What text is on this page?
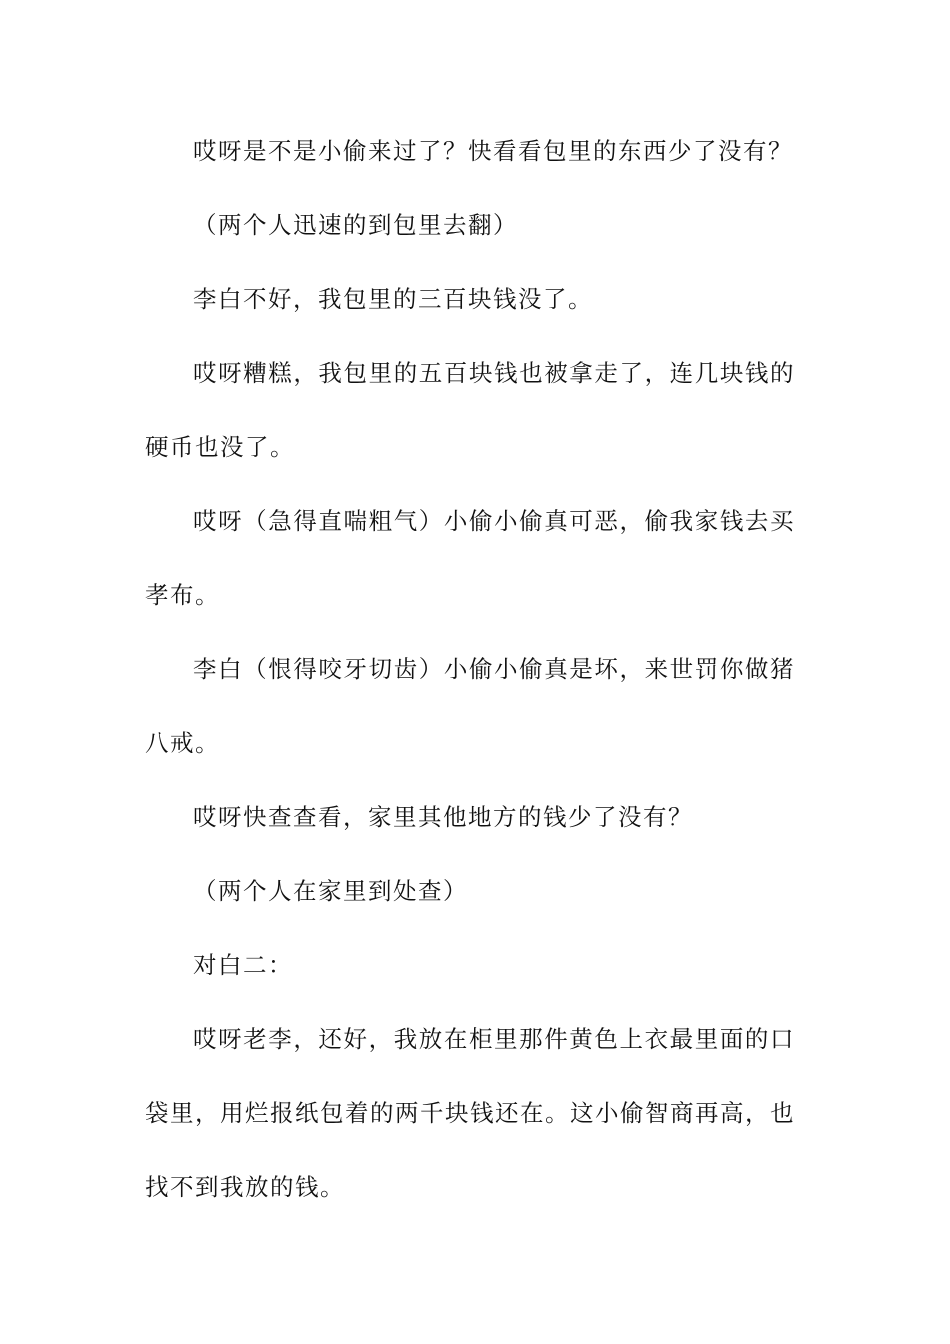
哎呀是不是小偷来过了？快看看包里的东西少了没有？

（两个人迅速的到包里去翻）

李白不好，我包里的三百块钱没了。

哎呀糟糕，我包里的五百块钱也被拿走了，连几块钱的硬币也没了。

哎呀（急得直喘粗气）小偷小偷真可恶，偷我家钱去买孝布。

李白（恨得咬牙切齿）小偷小偷真是坏，来世罚你做猪八戒。

哎呀快查查看，家里其他地方的钱少了没有？

（两个人在家里到处查）

对白二：

哎呀老李，还好，我放在柜里那件黄色上衣最里面的口袋里，用烂报纸包着的两千块钱还在。这小偷智商再高，也找不到我放的钱。
